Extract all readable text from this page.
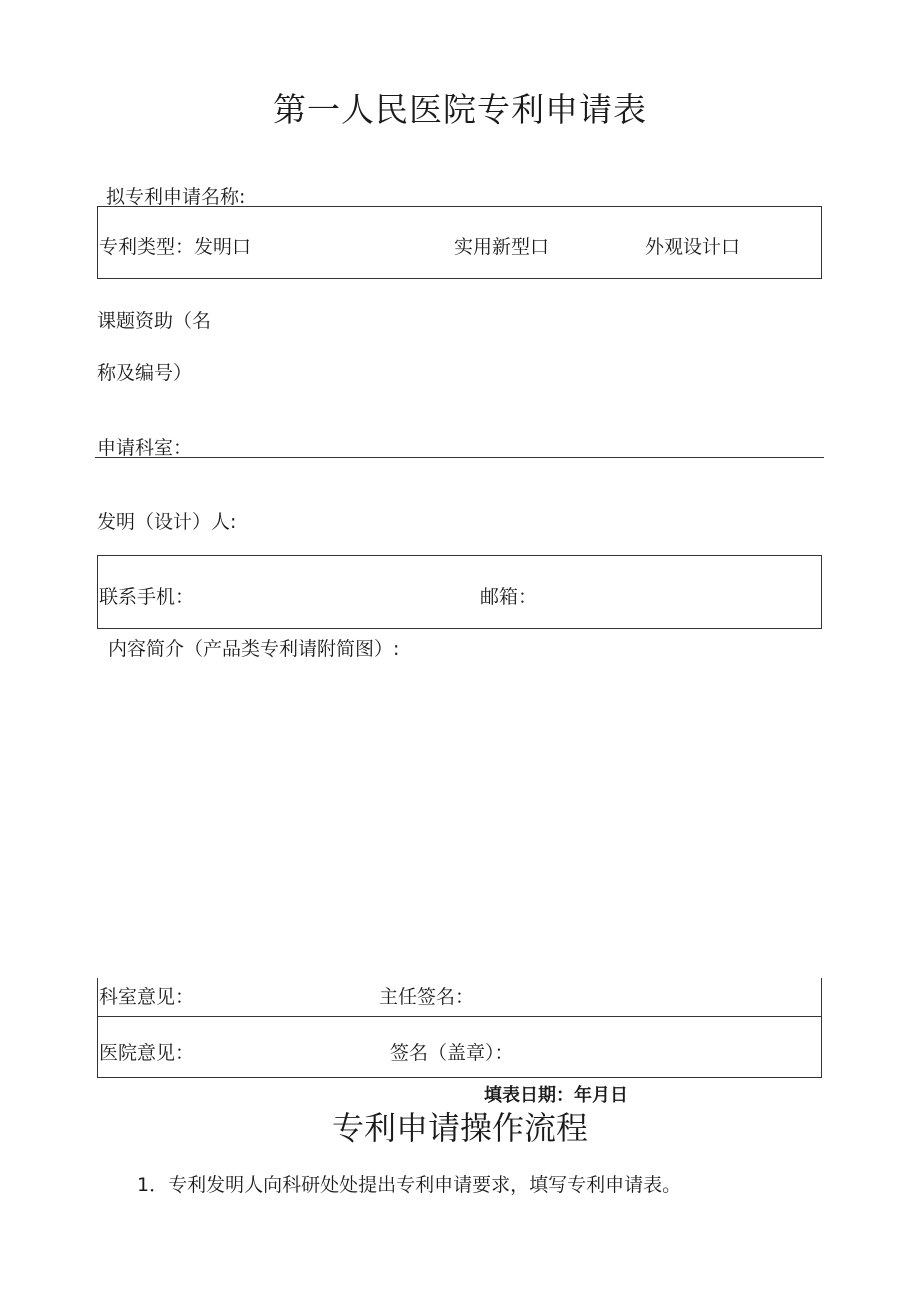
第一人民医院专利申请表
拟专利申请名称:
专利类型：发明口	实用新型口	外观设计口
课题资助（名
称及编号）
申请科室：
发明（设计）人:
联系手机：	邮箱：
内容简介（产品类专利请附简图）:
科室意见：	主任签名：
医院意见：	签名（盖章）：
填表日期：年月日
专利申请操作流程
1．专利发明人向科研处处提出专利申请要求，填写专利申请表。
